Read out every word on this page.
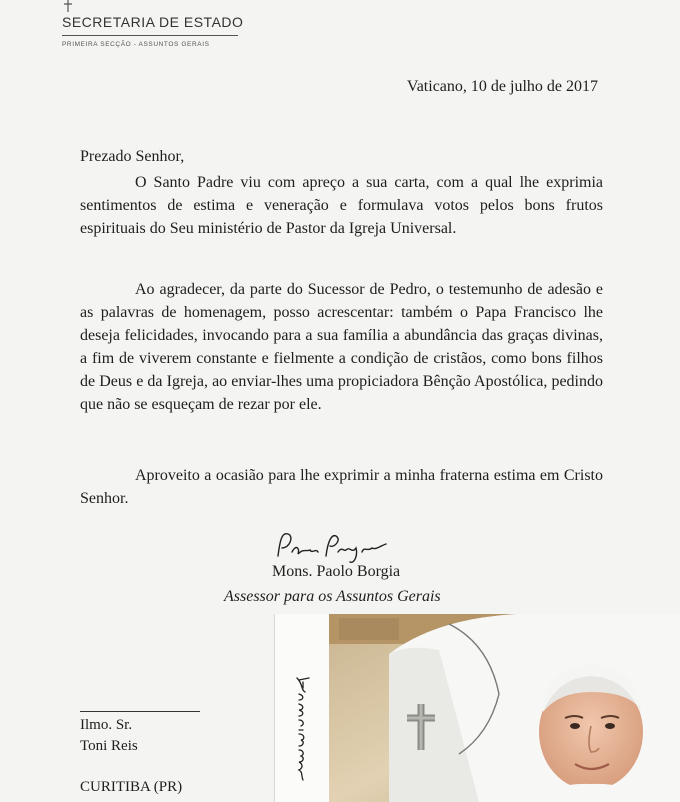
SECRETARIA DE ESTADO
PRIMEIRA SECÇÃO - ASSUNTOS GERAIS
Vaticano, 10 de julho de 2017
Prezado Senhor,

O Santo Padre viu com apreço a sua carta, com a qual lhe exprimia sentimentos de estima e veneração e formulava votos pelos bons frutos espirituais do Seu ministério de Pastor da Igreja Universal.

Ao agradecer, da parte do Sucessor de Pedro, o testemunho de adesão e as palavras de homenagem, posso acrescentar: também o Papa Francisco lhe deseja felicidades, invocando para a sua família a abundância das graças divinas, a fim de viverem constante e fielmente a condição de cristãos, como bons filhos de Deus e da Igreja, ao enviar-lhes uma propiciadora Bênção Apostólica, pedindo que não se esqueçam de rezar por ele.

Aproveito a ocasião para lhe exprimir a minha fraterna estima em Cristo Senhor.

Mons. Paolo Borgia
Assessor para os Assuntos Gerais
Ilmo. Sr.
Toni Reis
CURITIBA (PR)
